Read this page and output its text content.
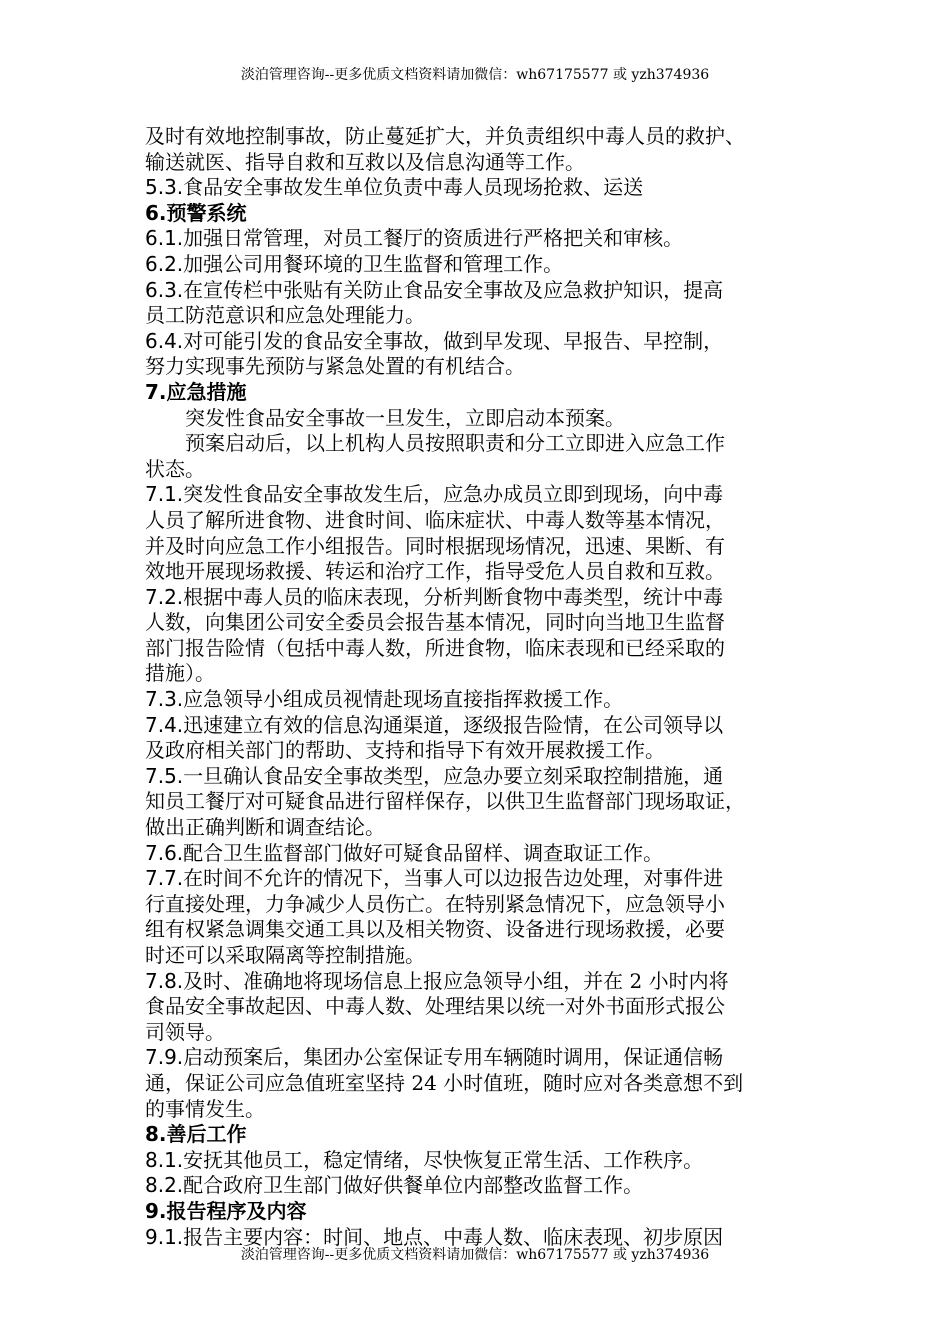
淡泊管理咨询--更多优质文档资料请加微信：wh67175577 或 yzh374936
及时有效地控制事故，防止蔓延扩大，并负责组织中毒人员的救护、
输送就医、指导自救和互救以及信息沟通等工作。
5.3.食品安全事故发生单位负责中毒人员现场抢救、运送
6.预警系统
6.1.加强日常管理，对员工餐厅的资质进行严格把关和审核。
6.2.加强公司用餐环境的卫生监督和管理工作。
6.3.在宣传栏中张贴有关防止食品安全事故及应急救护知识，提高
员工防范意识和应急处理能力。
6.4.对可能引发的食品安全事故，做到早发现、早报告、早控制，
努力实现事先预防与紧急处置的有机结合。
7.应急措施
突发性食品安全事故一旦发生，立即启动本预案。
预案启动后，以上机构人员按照职责和分工立即进入应急工作
状态。
7.1.突发性食品安全事故发生后，应急办成员立即到现场，向中毒
人员了解所进食物、进食时间、临床症状、中毒人数等基本情况，
并及时向应急工作小组报告。同时根据现场情况，迅速、果断、有
效地开展现场救援、转运和治疗工作，指导受危人员自救和互救。
7.2.根据中毒人员的临床表现，分析判断食物中毒类型，统计中毒
人数，向集团公司安全委员会报告基本情况，同时向当地卫生监督
部门报告险情（包括中毒人数，所进食物，临床表现和已经采取的
措施）。
7.3.应急领导小组成员视情赴现场直接指挥救援工作。
7.4.迅速建立有效的信息沟通渠道，逐级报告险情，在公司领导以
及政府相关部门的帮助、支持和指导下有效开展救援工作。
7.5.一旦确认食品安全事故类型，应急办要立刻采取控制措施，通
知员工餐厅对可疑食品进行留样保存，以供卫生监督部门现场取证，
做出正确判断和调查结论。
7.6.配合卫生监督部门做好可疑食品留样、调查取证工作。
7.7.在时间不允许的情况下，当事人可以边报告边处理，对事件进
行直接处理，力争减少人员伤亡。在特别紧急情况下，应急领导小
组有权紧急调集交通工具以及相关物资、设备进行现场救援，必要
时还可以采取隔离等控制措施。
7.8.及时、准确地将现场信息上报应急领导小组，并在 2 小时内将
食品安全事故起因、中毒人数、处理结果以统一对外书面形式报公
司领导。
7.9.启动预案后，集团办公室保证专用车辆随时调用，保证通信畅
通，保证公司应急值班室坚持 24 小时值班，随时应对各类意想不到
的事情发生。
8.善后工作
8.1.安抚其他员工，稳定情绪，尽快恢复正常生活、工作秩序。
8.2.配合政府卫生部门做好供餐单位内部整改监督工作。
9.报告程序及内容
9.1.报告主要内容：时间、地点、中毒人数、临床表现、初步原因
淡泊管理咨询--更多优质文档资料请加微信：wh67175577 或 yzh374936
